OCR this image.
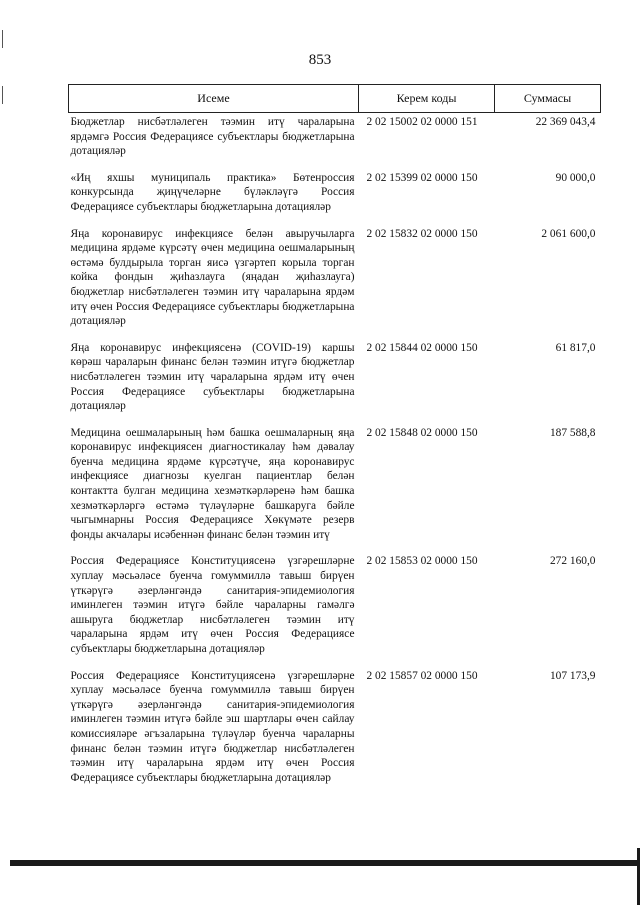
853
Исеме	Керем коды	Суммасы
Бюджетлар нисбәтләлеген тәэмин итү чараларына ярдәмгә Россия Федерациясе субъектлары бюджетларына дотацияләр	2 02 15002 02 0000 151	22 369 043,4
«Иң яхшы муниципаль практика» Бөтенроссия конкурсында җиңүчеләрне бүләкләүгә Россия Федерациясе субъектлары бюджетларына дотацияләр	2 02 15399 02 0000 150	90 000,0
Яңа коронавирус инфекциясе белән авыручыларга медицина ярдәме күрсәтү өчен медицина оешмаларының өстәмә булдырыла торган яисә үзгәртеп корыла торган койка фондын җиһазлауга (яңадан җиһазлауга) бюджетлар нисбәтләлеген тәэмин итү чараларына ярдәм итү өчен Россия Федерациясе субъектлары бюджетларына дотацияләр	2 02 15832 02 0000 150	2 061 600,0
Яңа коронавирус инфекциясенә (COVID-19) каршы көрәш чараларын финанс белән тәэмин итүгә бюджетлар нисбәтләлеген тәэмин итү чараларына ярдәм итү өчен Россия Федерациясе субъектлары бюджетларына дотацияләр	2 02 15844 02 0000 150	61 817,0
Медицина оешмаларының һәм башка оешмаларның яңа коронавирус инфекциясен диагностикалау һәм дәвалау буенча медицина ярдәме күрсәтүче, яңа коронавирус инфекциясе диагнозы куелган пациентлар белән контактта булган медицина хезмәткәрләренә һәм башка хезмәткәрләргә өстәмә түләүләрне башкаруга бәйле чыгымнарны Россия Федерациясе Хөкүмәте резерв фонды акчалары исәбеннән финанс белән тәэмин итү	2 02 15848 02 0000 150	187 588,8
Россия Федерациясе Конституциясенә үзгәрешләрне хуплау мәсьәләсе буенча гомуммиллә тавыш бирүен үткәрүгә әзерләнгәндә санитария-эпидемиология иминлеген тәэмин итүгә бәйле чараларны гамәлгә ашыруга бюджетлар нисбәтләлеген тәэмин итү чараларына ярдәм итү өчен Россия Федерациясе субъектлары бюджетларына дотацияләр	2 02 15853 02 0000 150	272 160,0
Россия Федерациясе Конституциясенә үзгәрешләрне хуплау мәсьәләсе буенча гомуммиллә тавыш бирүен үткәрүгә әзерләнгәндә санитария-эпидемиология иминлеген тәэмин итүгә бәйле эш шартлары өчен сайлау комиссияләре әгъзаларына түләүләр буенча чараларны финанс белән тәэмин итүгә бюджетлар нисбәтләлеген тәэмин итү чараларына ярдәм итү өчен Россия Федерациясе субъектлары бюджетларына дотацияләр	2 02 15857 02 0000 150	107 173,9
